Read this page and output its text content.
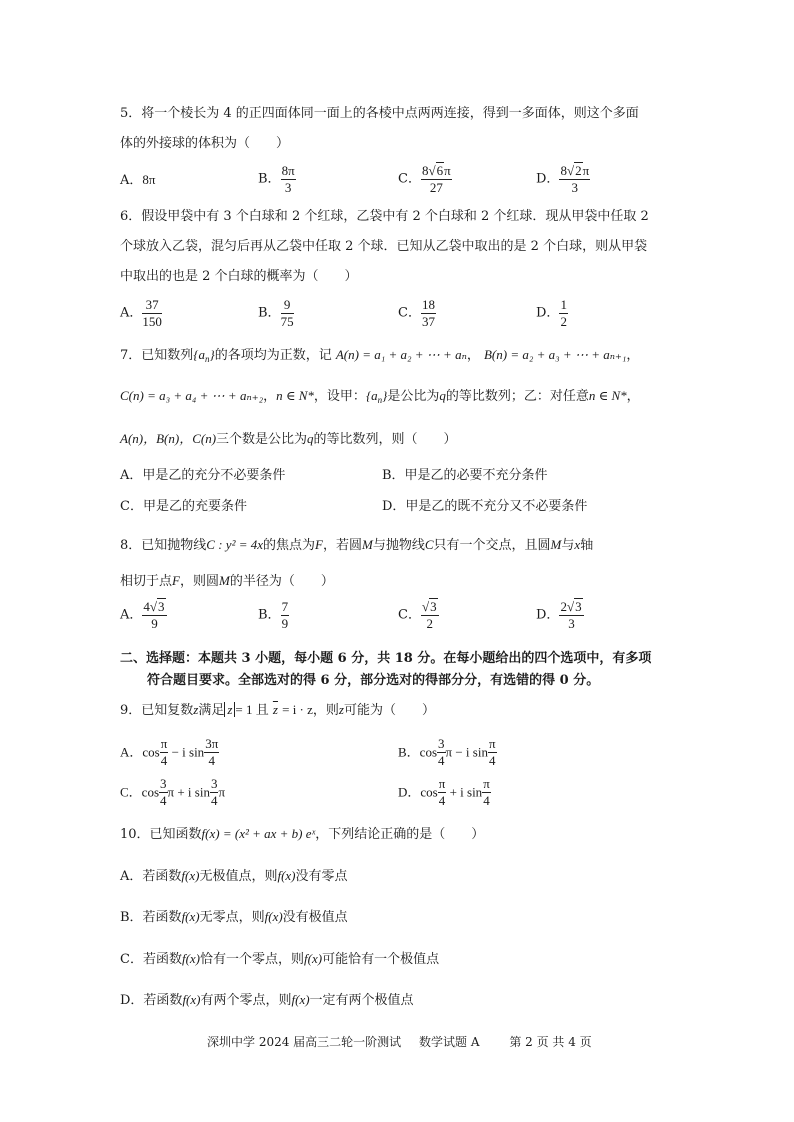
5．将一个棱长为 4 的正四面体同一面上的各棱中点两两连接，得到一多面体，则这个多面
体的外接球的体积为（　　）
A．8π	B． $\frac{8\pi}{3}$	C． $\frac{8√6\pi}{27}$	D． $\frac{8√2\pi}{3}$
6．假设甲袋中有 3 个白球和 2 个红球，乙袋中有 2 个白球和 2 个红球．现从甲袋中任取 2
个球放入乙袋，混匀后再从乙袋中任取 2 个球．已知从乙袋中取出的是 2 个白球，则从甲袋
中取出的也是 2 个白球的概率为（　　）
A． $\frac{37}{150}$	B． $\frac{9}{75}$	C． $\frac{18}{37}$	D． $\frac{1}{2}$
7．已知数列$\{a_n\}$的各项均为正数，记 A(n) = a₁ + a₂ + ⋯ + aₙ， B(n) = a₂ + a₃ + ⋯ + aₙ₊₁，
C(n) = a₃ + a₄ + ⋯ + aₙ₊₂，n ∈ N*，设甲：$\{a_n\}$是公比为q的等比数列；乙：对任意n ∈ N*，
A(n)，B(n)，C(n)三个数是公比为q的等比数列，则（　　）
A．甲是乙的充分不必要条件	B．甲是乙的必要不充分条件
C．甲是乙的充要条件	D．甲是乙的既不充分又不必要条件
8．已知抛物线C : y² = 4x的焦点为F，若圆M与抛物线C只有一个交点，且圆M与x轴
相切于点F，则圆M的半径为（　　）
A． $\frac{4√3}{9}$	B． $\frac{7}{9}$	C． $\frac{√3}{2}$	D． $\frac{2√3}{3}$
二、选择题：本题共 3 小题，每小题 6 分，共 18 分。在每小题给出的四个选项中，有多项
符合题目要求。全部选对的得 6 分，部分选对的得部分分，有选错的得 0 分。
9．已知复数z满足 z = 1 且 $\overline{z} = i \cdot z$，则z可能为（　　）
A．$\cos \frac{\pi}{4} - i$ $\sin \frac{3\pi}{4}$	B．$\cos \frac{3}{4}$ π − i $\sin \frac{\pi}{4}$
C．$\cos \frac{3}{4}$ π + i $\sin \frac{3}{4}$ π	D．$\cos \frac{\pi}{4} + i$ $\sin \frac{\pi}{4}$
10．已知函数f(x) = (x² + ax + b) eˣ，下列结论正确的是（　　）
A．若函数f(x)无极值点，则f(x)没有零点
B．若函数f(x)无零点，则f(x)没有极值点
C．若函数f(x)恰有一个零点，则f(x)可能恰有一个极值点
D．若函数f(x)有两个零点，则f(x)一定有两个极值点
深圳中学 2024 届高三二轮一阶测试 数学试题 A 第 2 页 共 4 页
